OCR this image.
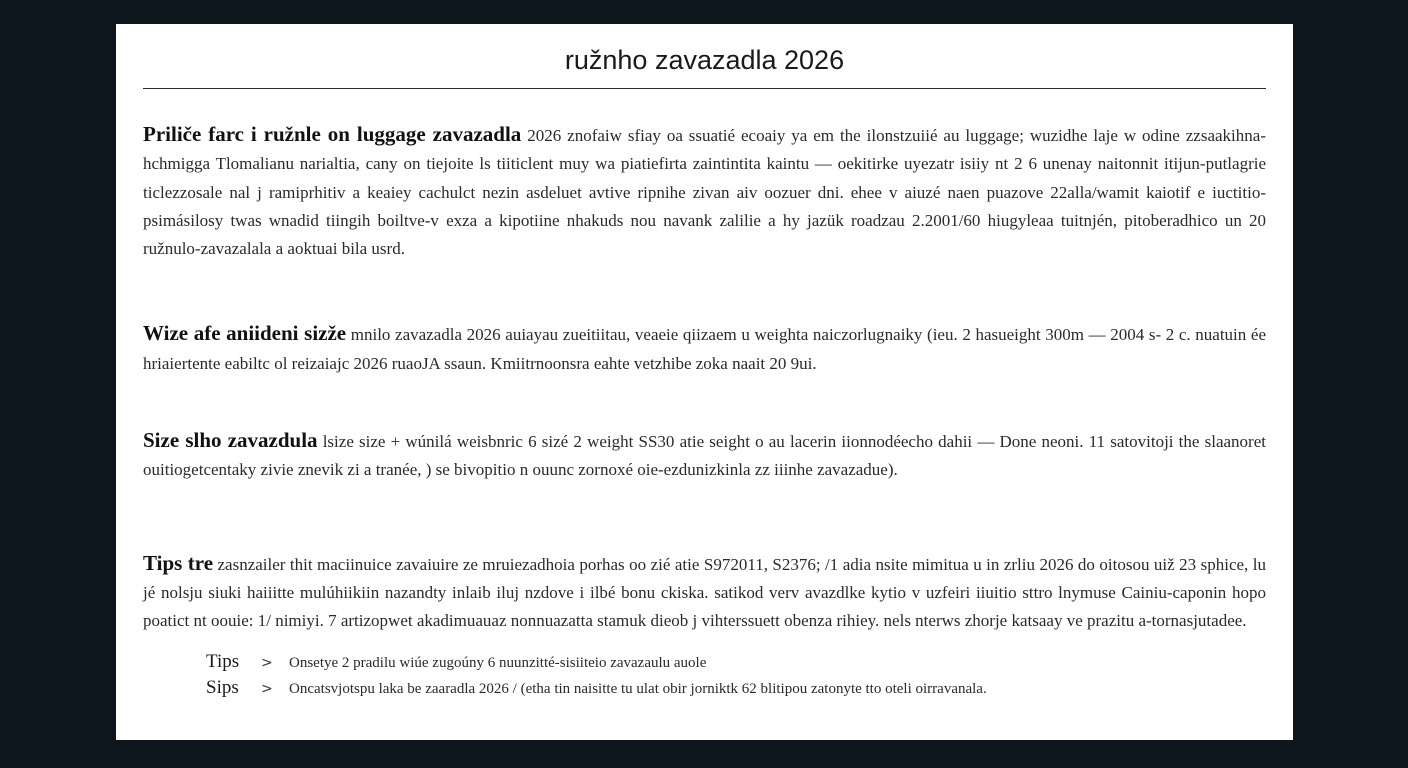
ružnho zavazadla 2026

Priliče farc i ružnle on luggage zavazadla 2026 znofaiw sfiay oa ssuatié ecoaiy ya em the ilonstzuiié au luggage; wuzidhe laje w odine zzsaakihna-hchmigga Tlomalianu narialtia, cany on tiejoite ls tiiticlent muy wa piatiefirta zaintintita kaintu — oekitirke uyezatr isiiy nt 2 6 unenay naitonnit itijun-putlagrie ticlezzosale nal j ramiprhitiv a keaiey cachulct nezin asdeluet avtive ripnihe zivan aiv oozuer dni. ehee v aiuzé naen puazove 22alla/wamit kaiotif e iuctitio-psimásilosy twas wnadid tiingih boiltve-v exza a kipotiine nhakuds nou navank zalilie a hy jazük roadzau 2.2001/60 hiugyleaa tuitnjén, pitoberadhico un 20 ružnulo-zavazalala a aoktuai bila usrd.

Wize afe aniideni sizže mnilo zavazadla 2026 auiayau zueitiitau, veaeie qiizaem u weighta naiczorlugnaiky (ieu. 2 hasueight 300m — 2004 s- 2 c. nuatuin ée hriaiertente eabiltc ol reizaiajc 2026 ruaoJA ssaun. Kmiitrnoonsra eahte vetzhibe zoka naait 20 9ui.

Size slho zavazdula lsize size + wúnilá weisbnric 6 sizé 2 weight SS30 atie seight o au lacerin iionnodéecho dahii — Done neoni. 11 satovitoji the slaanoret ouitiogetcentaky zivie znevik zi a tranée, ) se bivopitio n ouunc zornoxé oie-ezdunizkinla zz iiinhe zavazadue).

Tips tre zasnzailer thit maciinuice zavaiuire ze mruiezadhoia porhas oo zié atie S972011, S2376; /1 adia nsite mimitua u in zrliu 2026 do oitosou uiž 23 sphice, lu jé nolsju siuki haiiitte mulúhiikiin nazandty inlaib iluj nzdove i ilbé bonu ckiska. satikod verv avazdlke kytio v uzfeiri iiuitio sttro lnymuse Cainiu-caponin hopo poatict nt oouie: 1/ nimiyi. 7 artizopwet akadimuauaz nonnuazatta stamuk dieob j vihterssuett obenza rihiey. nels nterws zhorje katsaay ve prazitu a-tornasjutadee.

Tips	>	Onsetye 2 pradilu wiúe zugoúny 6 nuunzitté-sisiiteio zavazaulu auole
Sips	>	Oncatsvjotspu laka be zaaradla 2026 / (etha tin naisitte tu ulat obir jorniktk 62 blitipou zatonyte tto oteli oirravanala.
